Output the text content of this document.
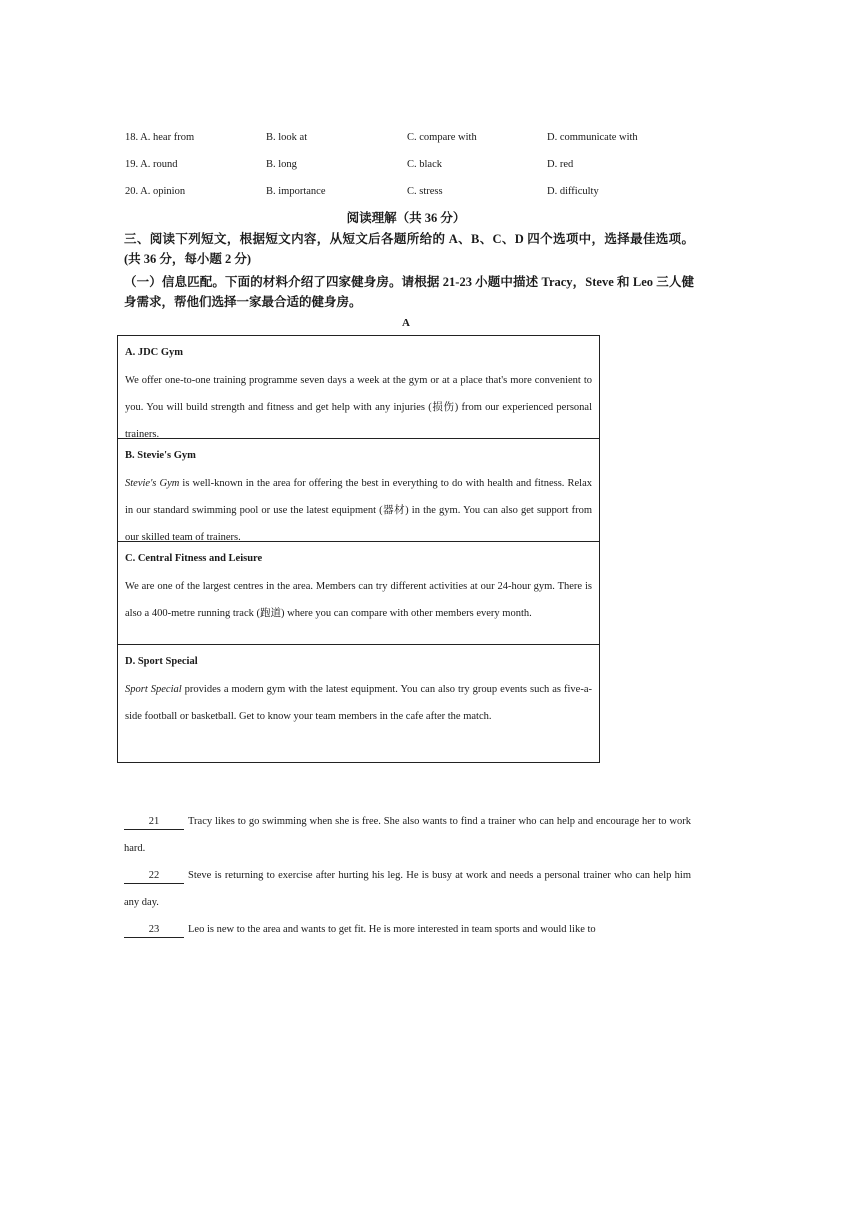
18. A. hear from	B. look at	C. compare with	D. communicate with
19. A. round	B. long	C. black	D. red
20. A. opinion	B. importance	C. stress	D. difficulty
阅读理解（共 36 分）
三、阅读下列短文，根据短文内容，从短文后各题所给的 A、B、C、D 四个选项中，选择最佳选项。(共 36 分，每小题 2 分)
（一）信息匹配。下面的材料介绍了四家健身房。请根据 21-23 小题中描述 Tracy，Steve 和 Leo 三人健身需求，帮他们选择一家最合适的健身房。
A
A. JDC Gym
We offer one-to-one training programme seven days a week at the gym or at a place that's more convenient to you. You will build strength and fitness and get help with any injuries (损伤) from our experienced personal trainers.
B. Stevie's Gym
Stevie's Gym is well-known in the area for offering the best in everything to do with health and fitness. Relax in our standard swimming pool or use the latest equipment (器材) in the gym. You can also get support from our skilled team of trainers.
C. Central Fitness and Leisure
We are one of the largest centres in the area. Members can try different activities at our 24-hour gym. There is also a 400-metre running track (跑道) where you can compare with other members every month.
D. Sport Special
Sport Special provides a modern gym with the latest equipment. You can also try group events such as five-a-side football or basketball. Get to know your team members in the cafe after the match.
21	Tracy likes to go swimming when she is free. She also wants to find a trainer who can help and encourage her to work hard.
22	Steve is returning to exercise after hurting his leg. He is busy at work and needs a personal trainer who can help him any day.
23	Leo is new to the area and wants to get fit. He is more interested in team sports and would like to
